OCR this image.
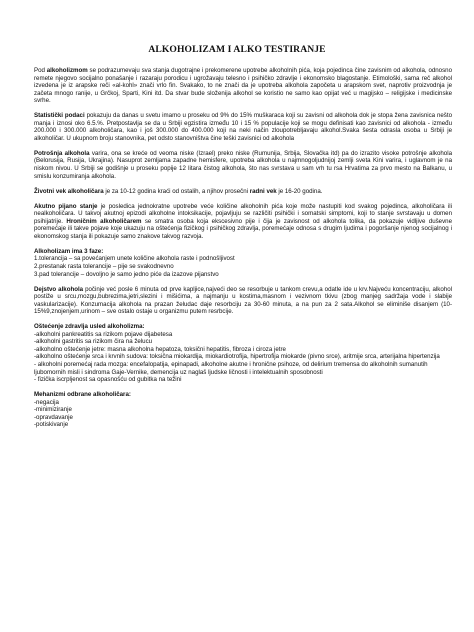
ALKOHOLIZAM I ALKO TESTIRANJE

Pod alkoholizmom se podrazumevaju sva stanja dugotrajne i prekomerene upotrebe alkoholnih pića, koja pojedinca čine zavisnim od alkohola, odnosno remete njegovo socijalno ponašanje i razaraju porodicu i ugrožavaju telesno i psihičko zdravlje i ekonomsko blagostanje. Etimološki, sama reč alkohol izvedena je iz arapske reči «al-kohl» znači vrlo fin. Svakako, to ne znači da je upotreba alkohola započeta u arapskom svet, naprotiv proizvodnja je začeta mnogo ranije, u Grčkoj, Sparti, Kini itd. Da stvar bude složenija alkohol se koristio ne samo kao opijat već u magijsko – religijske i medicinske svrhe.

Statistički podaci pokazuju da danas u svetu imamo u proseku od 9% do 15% muškaraca koji su zavisni od alkohola dok je stopa žena zavisnica nešto manja i iznosi oko 6.5.%. Pretpostavlja se da u Srbiji egzistira između 10 i 15 % populacije koji se mogu definisati kao zavisnici od alkohola - između 200.000 i 300.000 alkoholičara, kao i još 300.000 do 400.000 koji na neki način zloupotrebljavaju alkohol.Svaka šesta odrasla osoba u Srbiji je alkoholičar. U ukupnom broju stanovnika, pet odsto stanovništva čine teški zavisnici od alkohola

Potrošnja alkohola varira, ona se kreće od veoma niske (Izrael) preko niske (Rumunija, Srbija, Slovačka itd) pa do izrazito visoke potrošnje alkohola (Belorusija, Rusija, Ukrajina). Nasuprot zemljama zapadne hemisfere, upotreba alkohola u najmnogoljudnijoj zemlji sveta Kini varira, i uglavnom je na niskom nivou. U Srbiji se godišnje u proseku popije 12 litara čistog alkohola, što nas svrstava u sam vrh tu rsa Hrvatima za prvo mesto na Balkanu, u smislu konzumiranja alkohola.

Životni vek alkoholičara je za 10-12 godina kraći od ostalih, a njihov prosečni radni vek je 16-20 godina.

Akutno pijano stanje je posledica jednokratne upotrebe veće količine alkoholnih pića koje može nastupiti kod svakog pojedinca, alkoholičara ili nealkoholičara. U takvoj akutnoj epizodi alkoholne intoksikacije, pojavljuju se različiti psihički i somatski simptomi, koji to stanje svrstavaju u domen psihijatrije. Hroničnim alkoholičarem se smatra osoba koja ekscesivno pije i čija je zavisnost od alkohola tolika, da pokazuje vidljive duševne poremećaje ili takve pojave koje ukazuju na oštećenja fizičkog i psihičkog zdravlja, poremećaje odnosa s drugim ljudima i pogoršanje njenog socijalnog i ekonomskog stanja ili pokazuje samo znakove takvog razvoja.

Alkoholizam ima 3 faze:

1.tolerancija – sa povećanjem unete količine alkohola raste i podnošljivost

2.prestanak rasta tolerancije – pije se svakodnevno

3.pad tolerancije – dovoljno je samo jedno piće da izazove pijanstvo

Dejstvo alkohola počinje već posle 6 minuta od prve kapljice,najveći deo se resorbuje u tankom crevu,a odatle ide u krv.Najveću koncentraciju, alkohol postiže u srcu,mozgu,bubrezima,jetri,slezini i mišićima, a najmanju u kostima,masnom i vezivnom tkivu (zbog manjeg sadržaja vode i slabije vaskularizacije). Konzumacija alkohola na prazan želudac daje resorbciju za 30-60 minuta, a na pun za 2 sata.Alkohol se eliminiše disanjem (10-15%9,znojenjem,urinom – sve ostalo ostaje u organizmu putem resrbcije.

Oštećenje zdravlja usled alkoholizma:

-alkoholni pankreatitis sa rizikom pojave dijabetesa

-alkoholni gastritis sa rizikom čira na želucu

-alkoholno oštećenje jetre: masna alkoholna hepatoza, toksični hepatitis, fibroza i ciroza jetre

-alkoholno oštećenje srca i krvnih sudova: toksična miokardija, miokardiotrofija, hipertrofija miokarde (pivno srce), aritmije srca, arterijalna hipertenzija

- alkoholni poremećaj rada mozga: encefalopatija, epinapadi, alkoholne akutne i hronične psihoze, od delirium tremensa do alkoholnih sumanutih ljubomornih misli i sindroma Gaje-Vernike, demencija uz naglaš ljudske ličnosti i intelektualnih sposobnosti

- fizička iscrpljenost sa opasnošću od gubitka na težini

Mehanizmi odbrane alkoholičara:

-negacija

-minimiziranje

-opravdavanje

-potiskivanje
